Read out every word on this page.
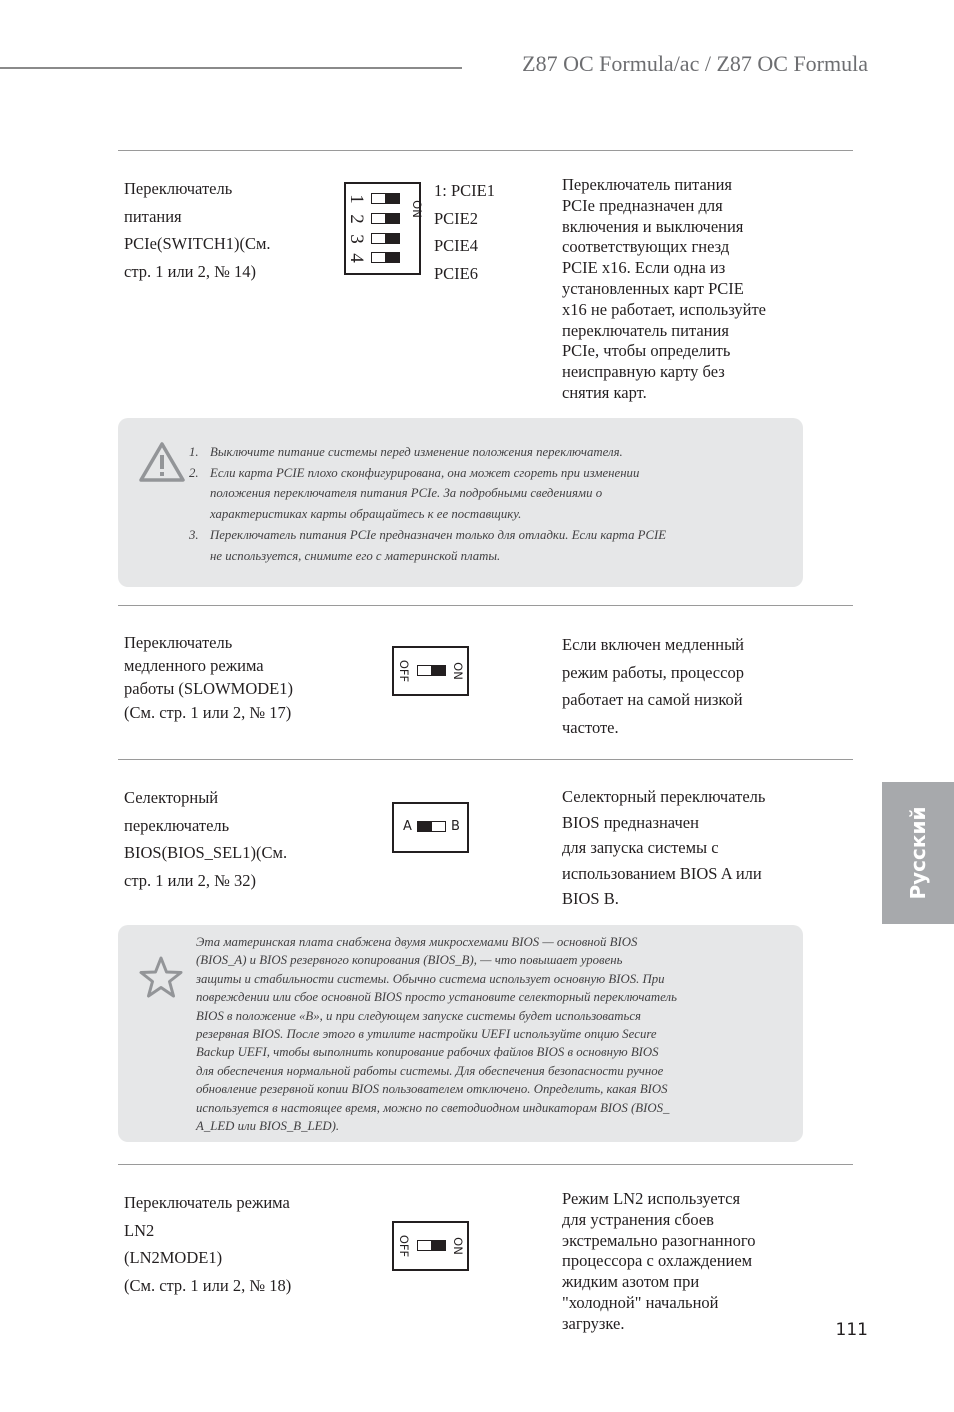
Z87 OC Formula/ac / Z87 OC Formula
Переключатель
питания
PCIe(SWITCH1)(См.
стр. 1 или 2, № 14)
ON
1
2
3
4
1: PCIE1
PCIE2
PCIE4
PCIE6
Переключатель питания
PCIe предназначен для
включения и выключения
соответствующих гнезд
PCIE x16. Если одна из
установленных карт PCIE
x16 не работает, используйте
переключатель питания
PCIe, чтобы определить
неисправную карту без
снятия карт.
1. Выключите питание системы перед изменение положения переключателя.
2. Если карта PCIE плохо сконфигурирована, она может сгореть при изменении
положения переключателя питания PCIe. За подробными сведениями о
характеристиках карты обращайтесь к ее поставщику.
3. Переключатель питания PCIe предназначен только для отладки. Если карта PCIE
не используется, снимите его с материнской платы.
Переключатель
медленного режима
работы (SLOWMODE1)
(См. стр. 1 или 2, № 17)
OFF	ON
Если включен медленный
режим работы, процессор
работает на самой низкой
частоте.
Селекторный
переключатель
BIOS(BIOS_SEL1)(См.
стр. 1 или 2, № 32)
A	B
Селекторный переключатель
BIOS предназначен
для запуска системы с
использованием BIOS A или
BIOS B.
Эта материнская плата снабжена двумя микросхемами BIOS — основной BIOS
(BIOS_A) и BIOS резервного копирования (BIOS_B), — что повышает уровень
защиты и стабильности системы. Обычно система использует основную BIOS. При
повреждении или сбое основной BIOS просто установите селекторный переключатель
BIOS в положение «B», и при следующем запуске системы будет использоваться
резервная BIOS. После этого в утилите настройки UEFI используйте опцию Secure
Backup UEFI, чтобы выполнить копирование рабочих файлов BIOS в основную BIOS
для обеспечения нормальной работы системы. Для обеспечения безопасности ручное
обновление резервной копии BIOS пользователем отключено. Определить, какая BIOS
используется в настоящее время, можно по светодиодном индикаторам BIOS (BIOS_
A_LED или BIOS_B_LED).
Переключатель режима
LN2
(LN2MODE1)
(См. стр. 1 или 2, № 18)
OFF	ON
Режим LN2 используется
для устранения сбоев
экстремально разогнанного
процессора с охлаждением
жидким азотом при
"холодной" начальной
загрузке.
Русский
111
